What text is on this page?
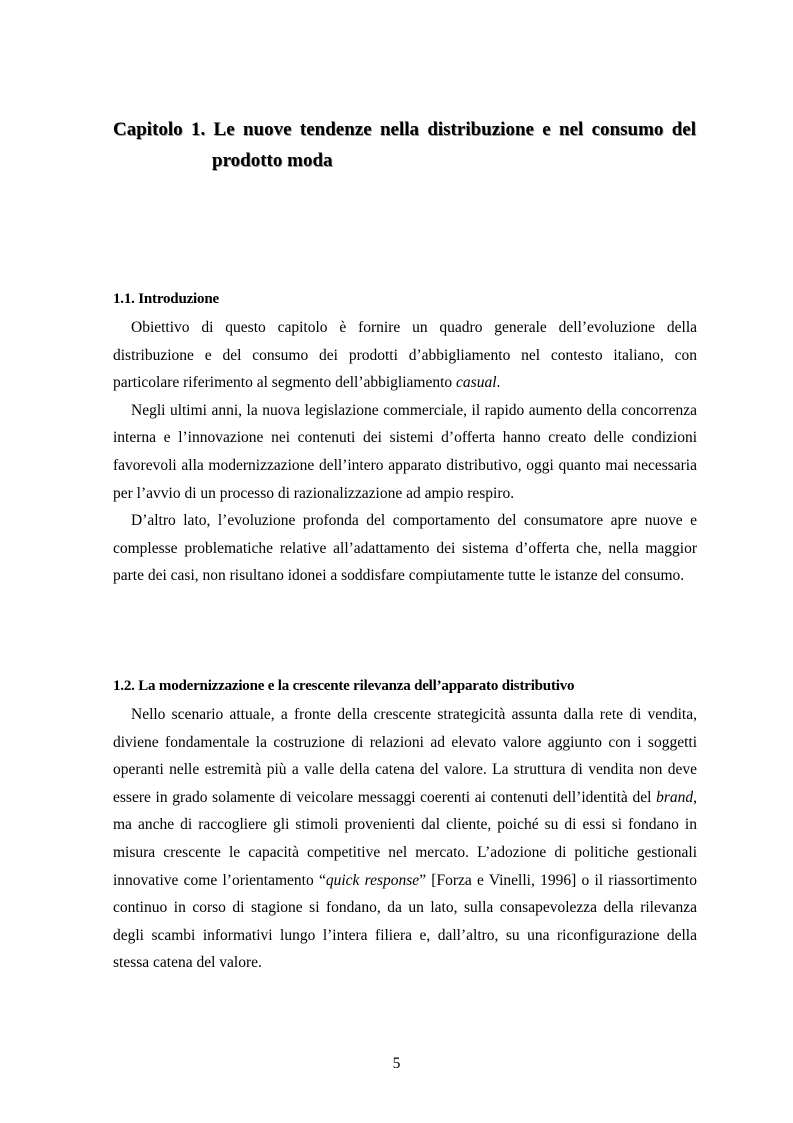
Capitolo 1. Le nuove tendenze nella distribuzione e nel consumo del
prodotto moda
1.1. Introduzione

Obiettivo di questo capitolo è fornire un quadro generale dell’evoluzione della distribuzione e del consumo dei prodotti d’abbigliamento nel contesto italiano, con particolare riferimento al segmento dell’abbigliamento casual.

Negli ultimi anni, la nuova legislazione commerciale, il rapido aumento della concorrenza interna e l’innovazione nei contenuti dei sistemi d’offerta hanno creato delle condizioni favorevoli alla modernizzazione dell’intero apparato distributivo, oggi quanto mai necessaria per l’avvio di un processo di razionalizzazione ad ampio respiro.

D’altro lato, l’evoluzione profonda del comportamento del consumatore apre nuove e complesse problematiche relative all’adattamento dei sistema d’offerta che, nella maggior parte dei casi, non risultano idonei a soddisfare compiutamente tutte le istanze del consumo.

1.2. La modernizzazione e la crescente rilevanza dell’apparato distributivo

Nello scenario attuale, a fronte della crescente strategicità assunta dalla rete di vendita, diviene fondamentale la costruzione di relazioni ad elevato valore aggiunto con i soggetti operanti nelle estremità più a valle della catena del valore. La struttura di vendita non deve essere in grado solamente di veicolare messaggi coerenti ai contenuti dell’identità del brand, ma anche di raccogliere gli stimoli provenienti dal cliente, poiché su di essi si fondano in misura crescente le capacità competitive nel mercato. L’adozione di politiche gestionali innovative come l’orientamento “quick response” [Forza e Vinelli, 1996] o il riassortimento continuo in corso di stagione si fondano, da un lato, sulla consapevolezza della rilevanza degli scambi informativi lungo l’intera filiera e, dall’altro, su una riconfigurazione della stessa catena del valore.

5
